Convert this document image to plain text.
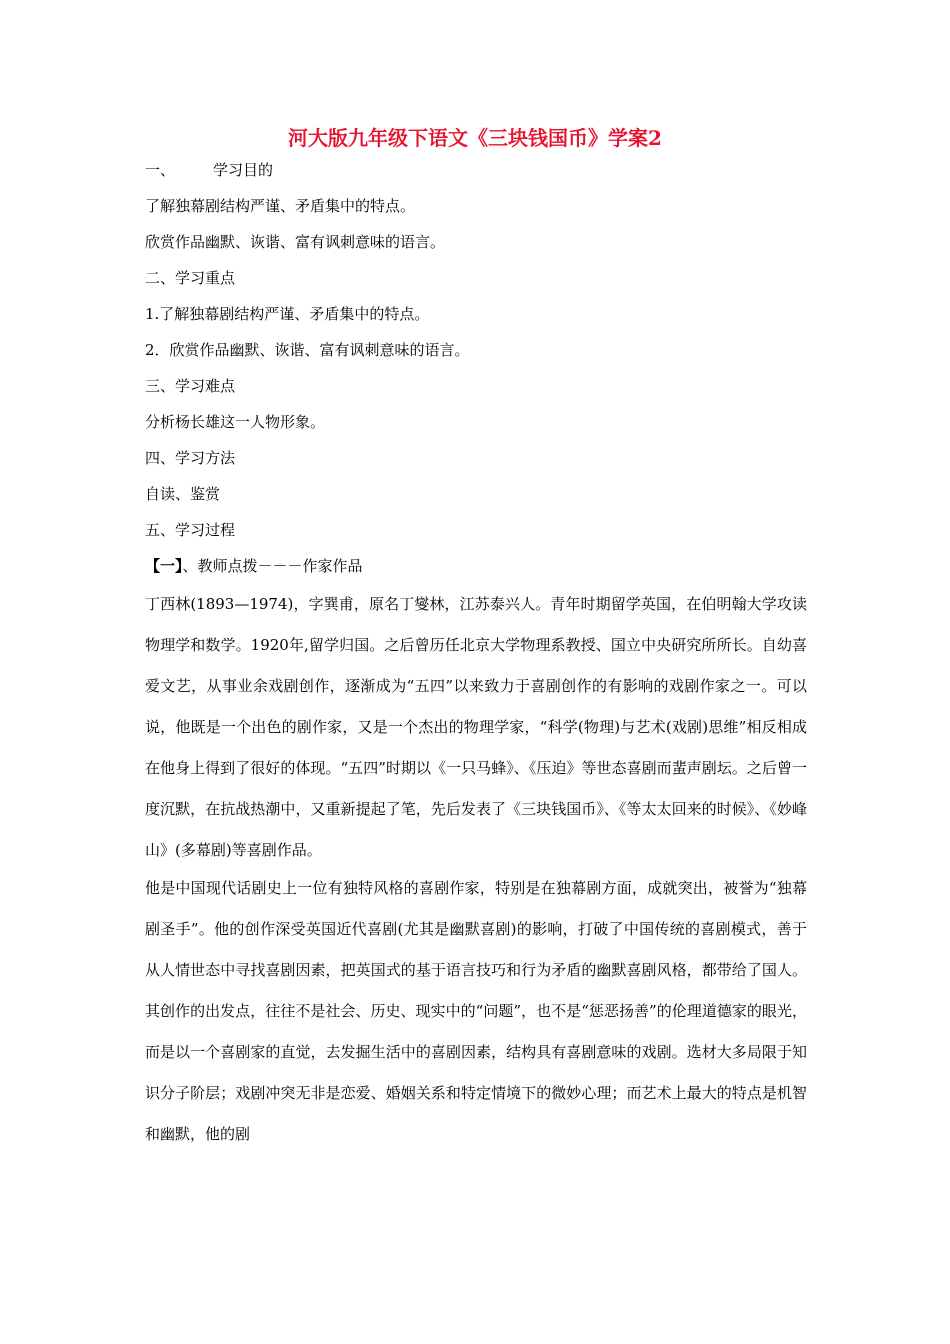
河大版九年级下语文《三块钱国币》学案2
一、	学习目的
了解独幕剧结构严谨、矛盾集中的特点。
欣赏作品幽默、诙谐、富有讽刺意味的语言。
二、学习重点
1.了解独幕剧结构严谨、矛盾集中的特点。
2．欣赏作品幽默、诙谐、富有讽刺意味的语言。
三、学习难点
分析杨长雄这一人物形象。
四、学习方法
自读、鉴赏
五、学习过程
【一】、教师点拨－－－作家作品
丁西林(1893—1974)，字巽甫，原名丁燮林，江苏泰兴人。青年时期留学英国，在伯明翰大学攻读物理学和数学。1920年,留学归国。之后曾历任北京大学物理系教授、国立中央研究所所长。自幼喜爱文艺，从事业余戏剧创作，逐渐成为“五四”以来致力于喜剧创作的有影响的戏剧作家之一。可以说，他既是一个出色的剧作家，又是一个杰出的物理学家，“科学(物理)与艺术(戏剧)思维”相反相成在他身上得到了很好的体现。“五四”时期以《一只马蜂》、《压迫》等世态喜剧而蜚声剧坛。之后曾一度沉默，在抗战热潮中，又重新提起了笔，先后发表了《三块钱国币》、《等太太回来的时候》、《妙峰山》(多幕剧)等喜剧作品。
他是中国现代话剧史上一位有独特风格的喜剧作家，特别是在独幕剧方面，成就突出，被誉为“独幕剧圣手”。他的创作深受英国近代喜剧(尤其是幽默喜剧)的影响，打破了中国传统的喜剧模式，善于从人情世态中寻找喜剧因素，把英国式的基于语言技巧和行为矛盾的幽默喜剧风格，都带给了国人。其创作的出发点，往往不是社会、历史、现实中的“问题”，也不是“惩恶扬善”的伦理道德家的眼光，而是以一个喜剧家的直觉，去发掘生活中的喜剧因素，结构具有喜剧意味的戏剧。选材大多局限于知识分子阶层；戏剧冲突无非是恋爱、婚姻关系和特定情境下的微妙心理；而艺术上最大的特点是机智和幽默，他的剧
